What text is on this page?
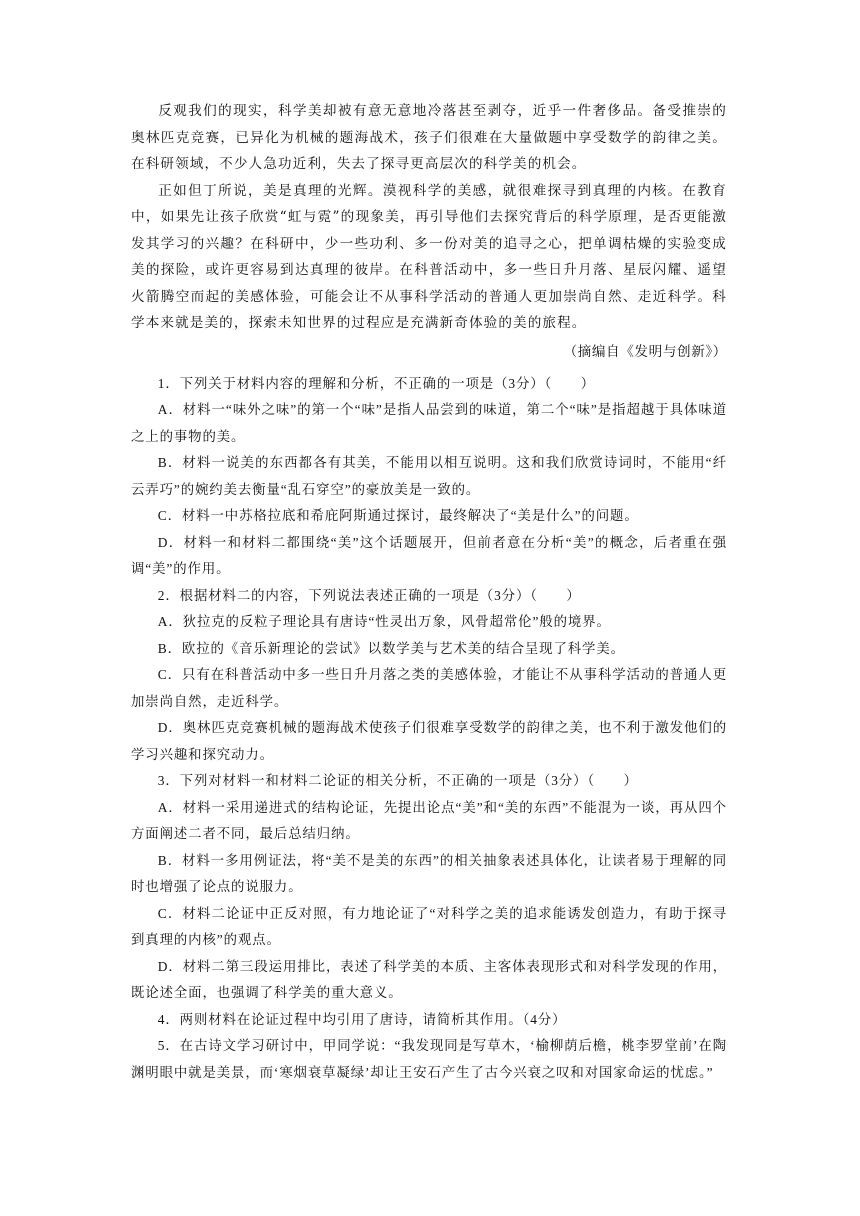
反观我们的现实，科学美却被有意无意地冷落甚至剥夺，近乎一件奢侈品。备受推崇的奥林匹克竞赛，已异化为机械的题海战术，孩子们很难在大量做题中享受数学的韵律之美。在科研领域，不少人急功近利，失去了探寻更高层次的科学美的机会。

正如但丁所说，美是真理的光辉。漠视科学的美感，就很难探寻到真理的内核。在教育中，如果先让孩子欣赏“虹与霓”的现象美，再引导他们去探究背后的科学原理，是否更能激发其学习的兴趣？在科研中，少一些功利、多一份对美的追寻之心，把单调枯燥的实验变成美的探险，或许更容易到达真理的彼岸。在科普活动中，多一些日升月落、星辰闪耀、遥望火箭腾空而起的美感体验，可能会让不从事科学活动的普通人更加崇尚自然、走近科学。科学本来就是美的，探索未知世界的过程应是充满新奇体验的美的旅程。

（摘编自《发明与创新》）

1．下列关于材料内容的理解和分析，不正确的一项是（3分）（　　）

A．材料一“味外之味”的第一个“味”是指人品尝到的味道，第二个“味”是指超越于具体味道之上的事物的美。

B．材料一说美的东西都各有其美，不能用以相互说明。这和我们欣赏诗词时，不能用“纤云弄巧”的婉约美去衡量“乱石穿空”的豪放美是一致的。

C．材料一中苏格拉底和希庇阿斯通过探讨，最终解决了“美是什么”的问题。

D．材料一和材料二都围绕“美”这个话题展开，但前者意在分析“美”的概念，后者重在强调“美”的作用。

2．根据材料二的内容，下列说法表述正确的一项是（3分）（　　）

A．狄拉克的反粒子理论具有唐诗“性灵出万象，风骨超常伦”般的境界。

B．欧拉的《音乐新理论的尝试》以数学美与艺术美的结合呈现了科学美。

C．只有在科普活动中多一些日升月落之类的美感体验，才能让不从事科学活动的普通人更加崇尚自然，走近科学。

D．奥林匹克竞赛机械的题海战术使孩子们很难享受数学的韵律之美，也不利于激发他们的学习兴趣和探究动力。

3．下列对材料一和材料二论证的相关分析，不正确的一项是（3分）（　　）

A．材料一采用递进式的结构论证，先提出论点“美”和“美的东西”不能混为一谈，再从四个方面阐述二者不同，最后总结归纳。

B．材料一多用例证法，将“美不是美的东西”的相关抽象表述具体化，让读者易于理解的同时也增强了论点的说服力。

C．材料二论证中正反对照，有力地论证了“对科学之美的追求能诱发创造力，有助于探寻到真理的内核”的观点。

D．材料二第三段运用排比，表述了科学美的本质、主客体表现形式和对科学发现的作用，既论述全面，也强调了科学美的重大意义。

4．两则材料在论证过程中均引用了唐诗，请简析其作用。（4分）

5．在古诗文学习研讨中，甲同学说：“我发现同是写草木，‘榆柳荫后檐，桃李罗堂前’在陶渊明眼中就是美景，而‘寒烟衰草凝绿’却让王安石产生了古今兴衰之叹和对国家命运的忧虑。”
